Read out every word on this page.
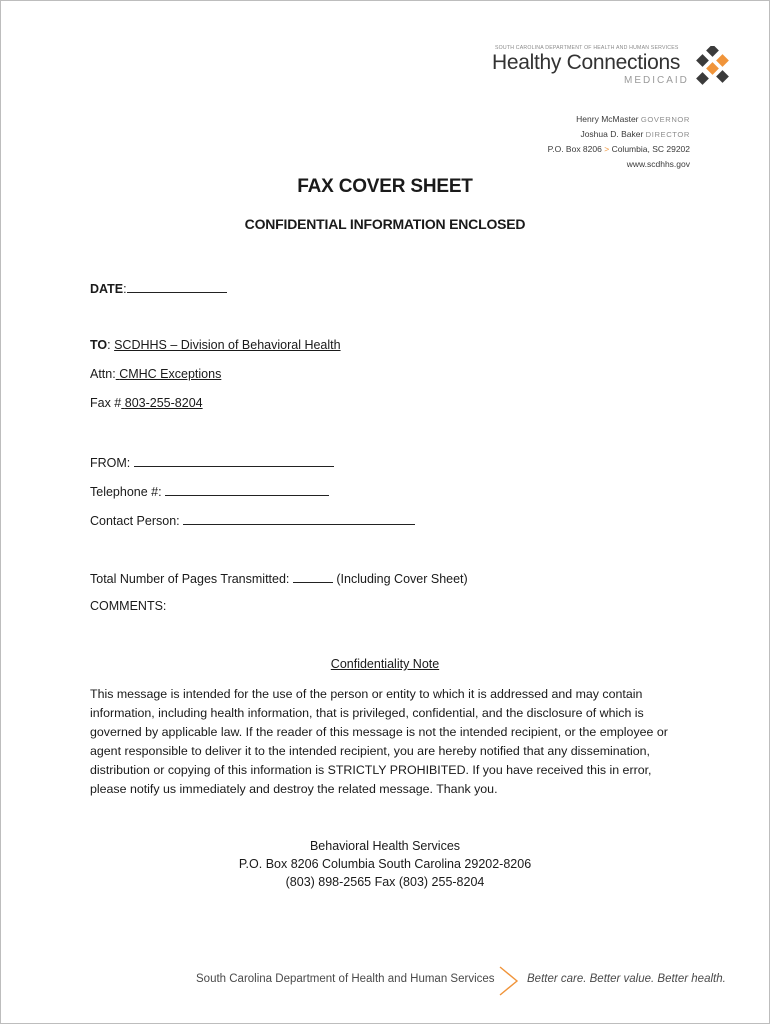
SOUTH CAROLINA DEPARTMENT OF HEALTH AND HUMAN SERVICES
Healthy Connections
MEDICAID
Henry McMaster GOVERNOR
Joshua D. Baker DIRECTOR
P.O. Box 8206 > Columbia, SC 29202
www.scdhhs.gov
FAX COVER SHEET
CONFIDENTIAL INFORMATION ENCLOSED
DATE:
TO: SCDHHS – Division of Behavioral Health
Attn: CMHC Exceptions
Fax # 803-255-8204
FROM:
Telephone #:
Contact Person:
Total Number of Pages Transmitted:	(Including Cover Sheet)
COMMENTS:
Confidentiality Note
This message is intended for the use of the person or entity to which it is addressed and may contain information, including health information, that is privileged, confidential, and the disclosure of which is governed by applicable law. If the reader of this message is not the intended recipient, or the employee or agent responsible to deliver it to the intended recipient, you are hereby notified that any dissemination, distribution or copying of this information is STRICTLY PROHIBITED. If you have received this in error, please notify us immediately and destroy the related message. Thank you.
Behavioral Health Services
P.O. Box 8206 Columbia South Carolina 29202-8206
(803) 898-2565 Fax (803) 255-8204
South Carolina Department of Health and Human Services	Better care. Better value. Better health.
